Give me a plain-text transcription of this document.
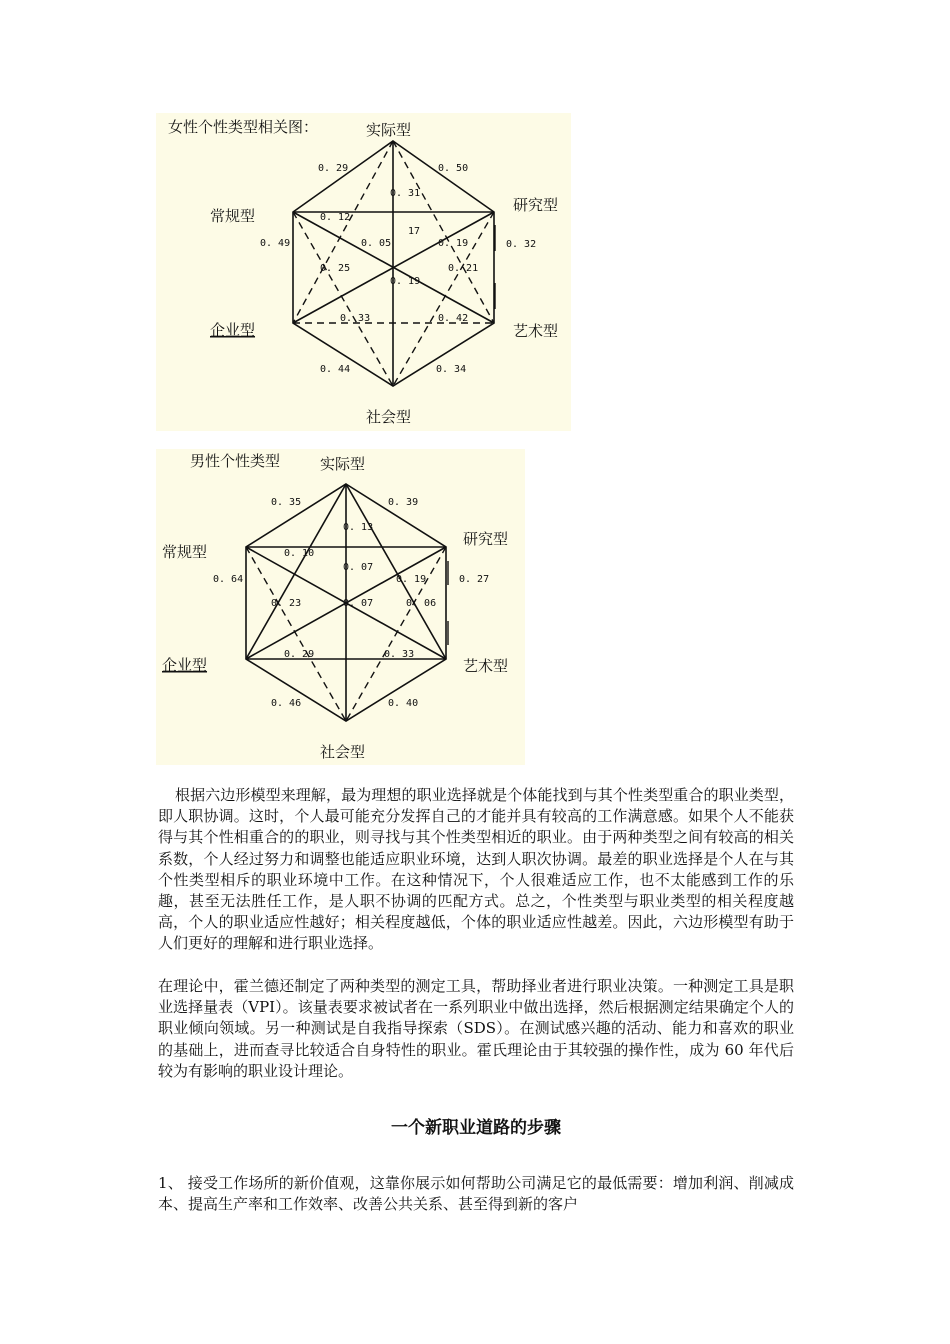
女性个性类型相关图：	实际型
研究型
艺术型
社会型
企业型
常规型
0. 50
0. 29
0. 31
0. 12
17
0. 05	0. 19	0. 32
0. 49
0. 25	0. 21
0. 19
0. 33	0. 42
0. 44	0. 34
男性个性类型	实际型
研究型
艺术型
社会型
企业型
常规型
0. 35	0. 39
0. 13
0. 10
0. 07
0. 19	0. 27
0. 64
0. 23	0. 07	0. 06
0. 29	0. 33
0. 46	0. 40
根据六边形模型来理解，最为理想的职业选择就是个体能找到与其个性类型重合的职业类型，即人职协调。这时，个人最可能充分发挥自己的才能并具有较高的工作满意感。如果个人不能获得与其个性相重合的的职业，则寻找与其个性类型相近的职业。由于两种类型之间有较高的相关系数，个人经过努力和调整也能适应职业环境，达到人职次协调。最差的职业选择是个人在与其个性类型相斥的职业环境中工作。在这种情况下，个人很难适应工作，也不太能感到工作的乐趣，甚至无法胜任工作，是人职不协调的匹配方式。总之，个性类型与职业类型的相关程度越高，个人的职业适应性越好；相关程度越低，个体的职业适应性越差。因此，六边形模型有助于人们更好的理解和进行职业选择。
在理论中，霍兰德还制定了两种类型的测定工具，帮助择业者进行职业决策。一种测定工具是职业选择量表（VPI）。该量表要求被试者在一系列职业中做出选择，然后根据测定结果确定个人的职业倾向领域。另一种测试是自我指导探索（SDS）。在测试感兴趣的活动、能力和喜欢的职业的基础上，进而查寻比较适合自身特性的职业。霍氏理论由于其较强的操作性，成为 60 年代后较为有影响的职业设计理论。
一个新职业道路的步骤
1、 接受工作场所的新价值观，这靠你展示如何帮助公司满足它的最低需要：增加利润、削减成本、提高生产率和工作效率、改善公共关系、甚至得到新的客户
